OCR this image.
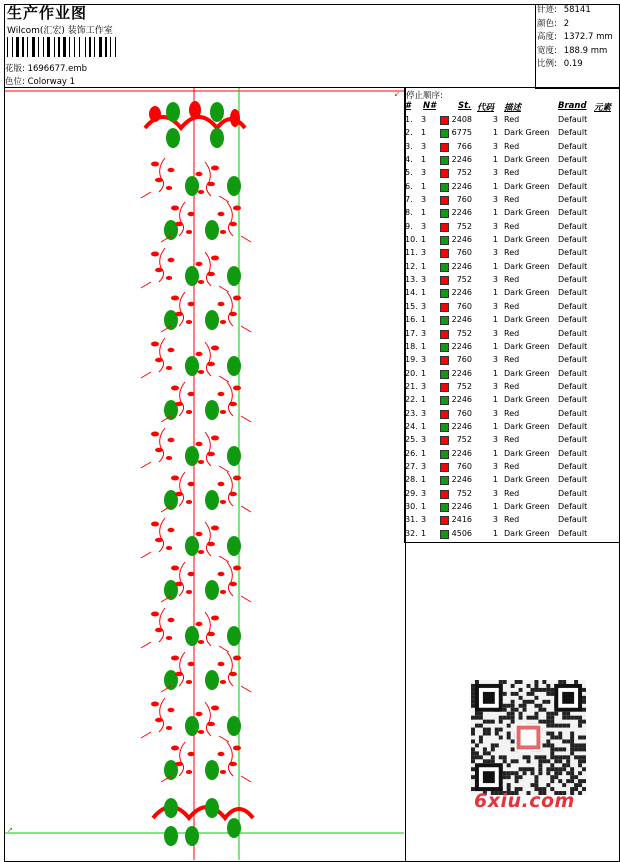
生产作业图
Wilcom(汇宏) 装饰工作室
花版: 1696677.emb
色位: Colorway 1
针迹: 58141
颜色: 2
高度: 1372.7 mm
宽度: 188.9 mm
比例: 0.19
↙
↗
停止顺序:
# N#	St. 代码 描述	Brand 元素
1. 3	2408	3 Red	Default
2. 1	6775	1 Dark Green Default
3. 3	766	3 Red	Default
4. 1	2246	1 Dark Green Default
5. 3	752	3 Red	Default
6. 1	2246	1 Dark Green Default
7. 3	760	3 Red	Default
8. 1	2246	1 Dark Green Default
9. 3	752	3 Red	Default
10. 1	2246	1 Dark Green Default
11. 3	760	3 Red	Default
12. 1	2246	1 Dark Green Default
13. 3	752	3 Red	Default
14. 1	2246	1 Dark Green Default
15. 3	760	3 Red	Default
16. 1	2246	1 Dark Green Default
17. 3	752	3 Red	Default
18. 1	2246	1 Dark Green Default
19. 3	760	3 Red	Default
20. 1	2246	1 Dark Green Default
21. 3	752	3 Red	Default
22. 1	2246	1 Dark Green Default
23. 3	760	3 Red	Default
24. 1	2246	1 Dark Green Default
25. 3	752	3 Red	Default
26. 1	2246	1 Dark Green Default
27. 3	760	3 Red	Default
28. 1	2246	1 Dark Green Default
29. 3	752	3 Red	Default
30. 1	2246	1 Dark Green Default
31. 3	2416	3 Red	Default
32. 1	4506	1 Dark Green Default
6xiu.com
